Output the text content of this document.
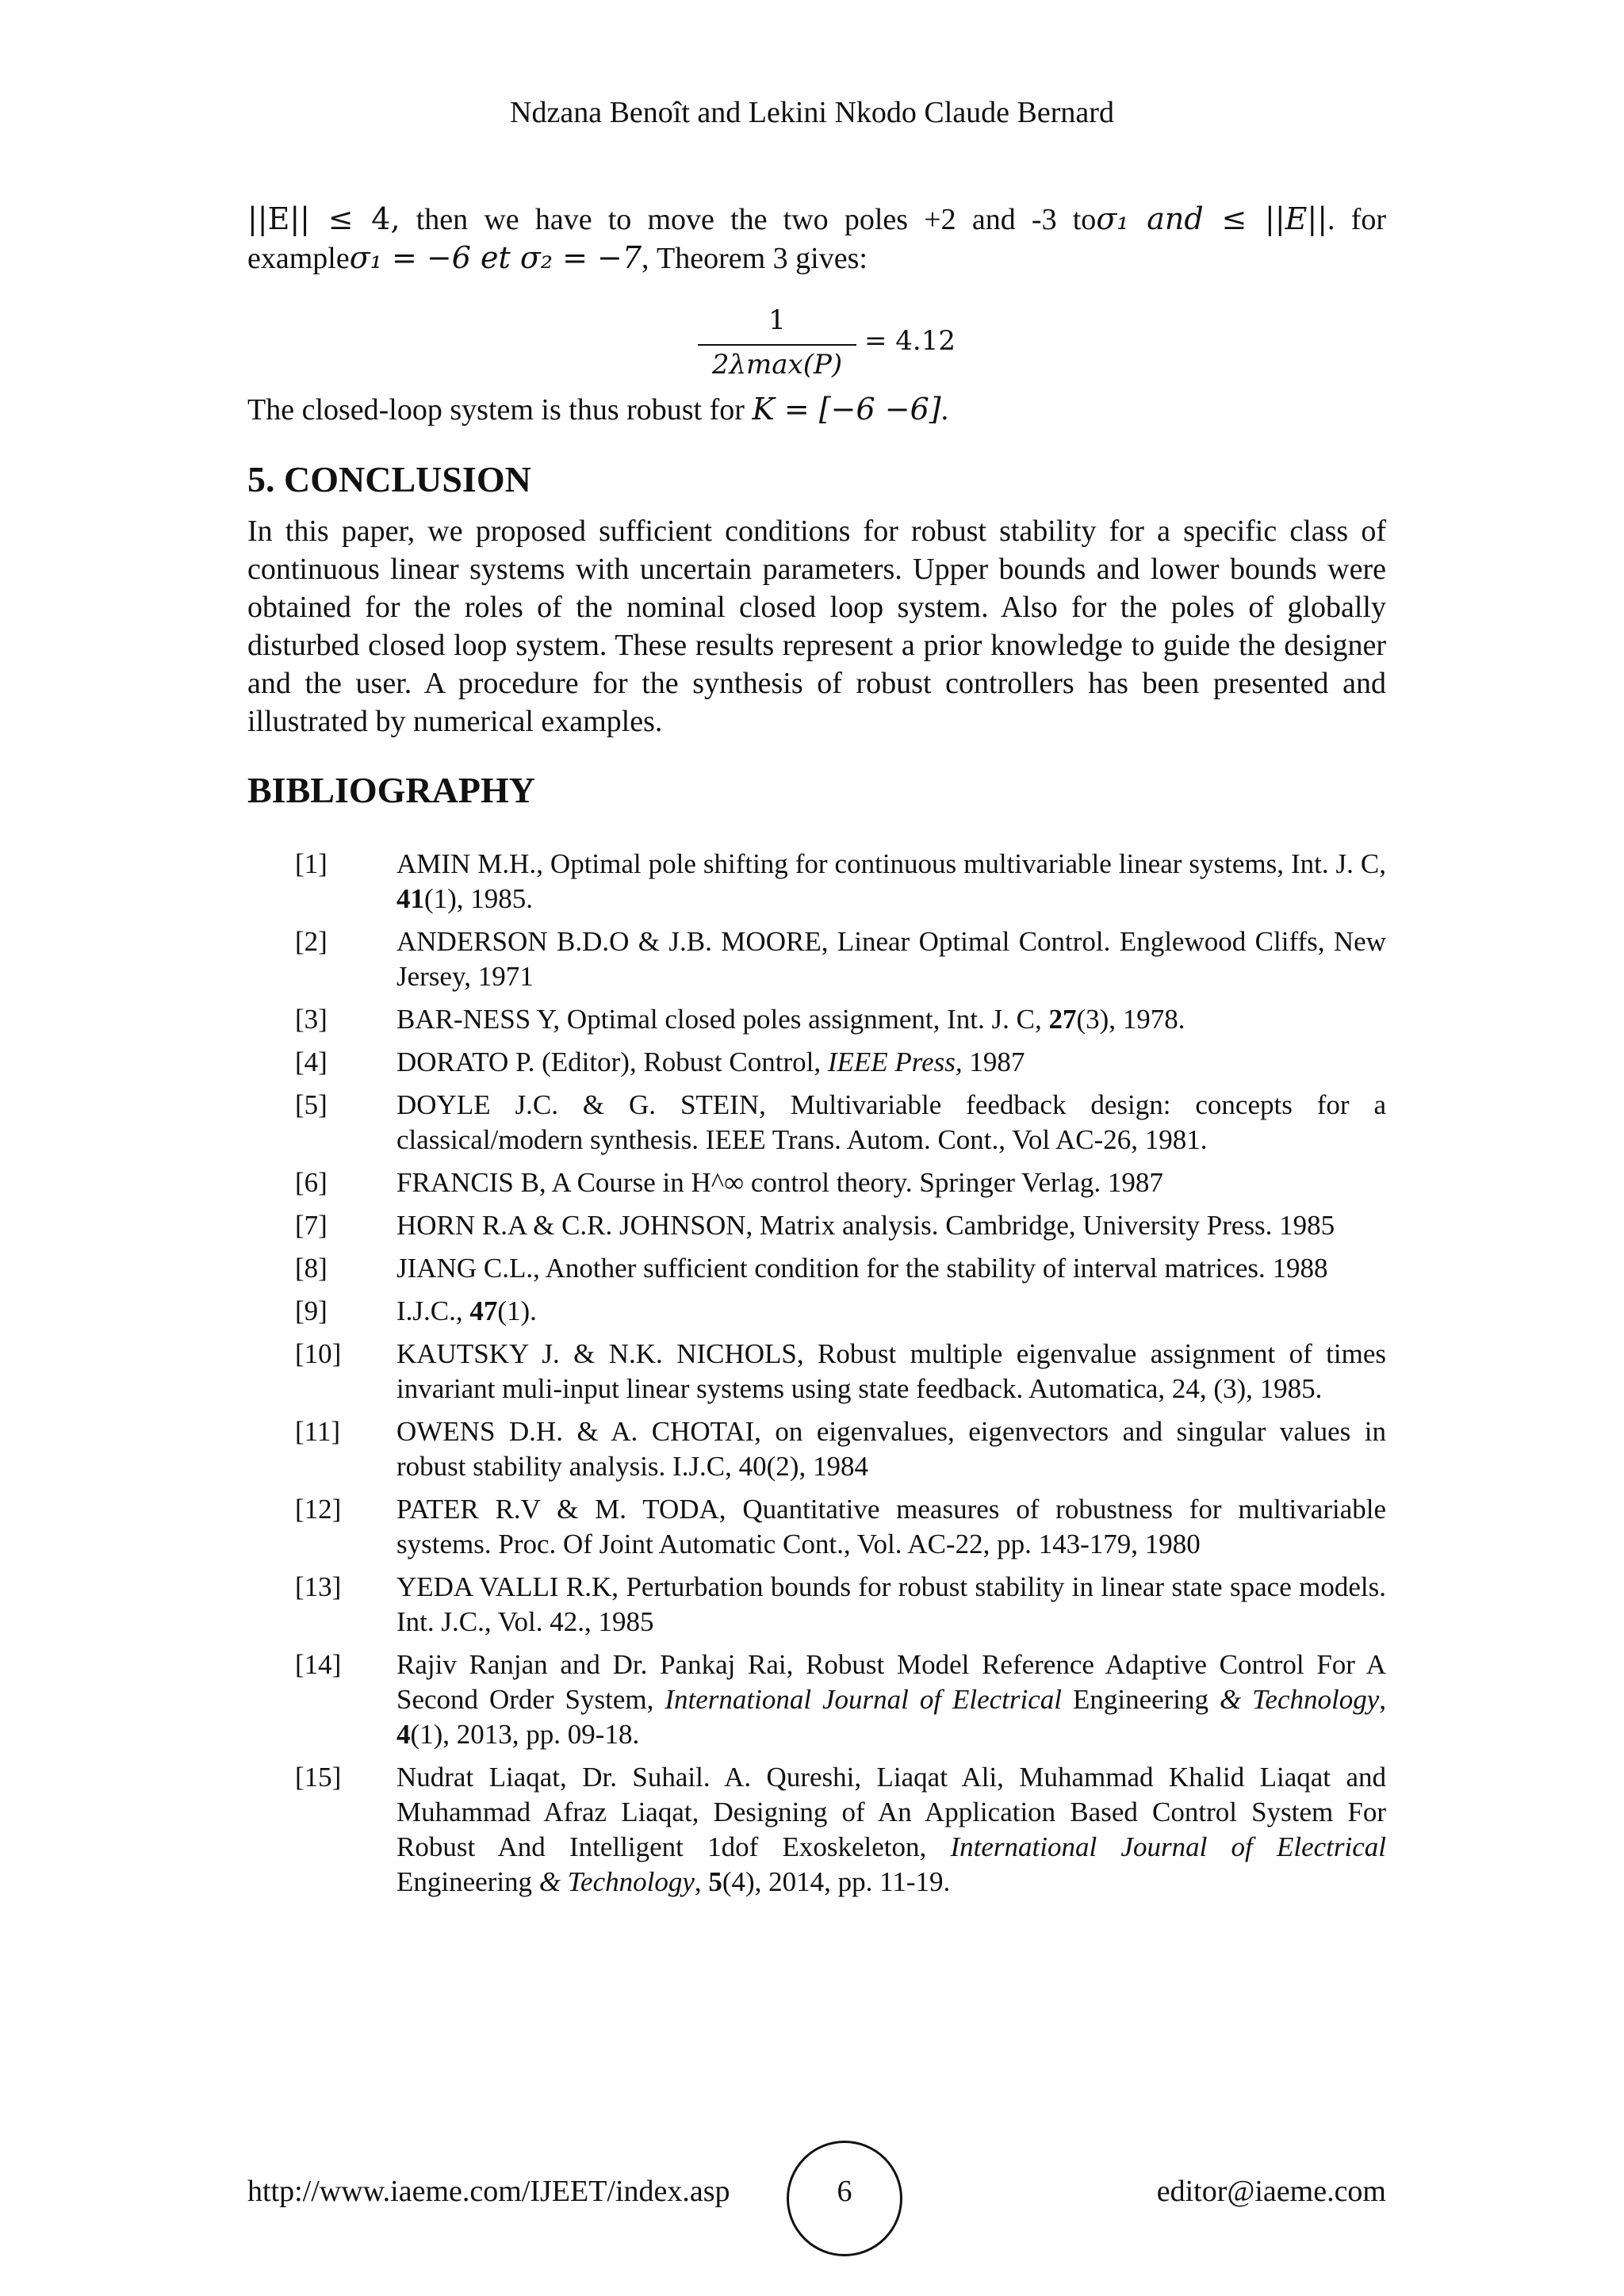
Ndzana Benoît and Lekini Nkodo Claude Bernard
||E|| ≤ 4, then we have to move the two poles +2 and -3 toσ₁ and ≤ ||E||. for
exampleσ₁ = −6 et σ₂ = −7, Theorem 3 gives:
1
2λmax(P)
= 4.12
The closed-loop system is thus robust for K = [−6 −6].
5. CONCLUSION
In this paper, we proposed sufficient conditions for robust stability for a specific class of continuous linear systems with uncertain parameters. Upper bounds and lower bounds were obtained for the roles of the nominal closed loop system. Also for the poles of globally disturbed closed loop system. These results represent a prior knowledge to guide the designer and the user. A procedure for the synthesis of robust controllers has been presented and illustrated by numerical examples.
BIBLIOGRAPHY
[1]	AMIN M.H., Optimal pole shifting for continuous multivariable linear systems, Int. J. C, 41(1), 1985.
[2]	ANDERSON B.D.O & J.B. MOORE, Linear Optimal Control. Englewood Cliffs, New Jersey, 1971
[3]	BAR-NESS Y, Optimal closed poles assignment, Int. J. C, 27(3), 1978.
[4]	DORATO P. (Editor), Robust Control, IEEE Press, 1987
[5]	DOYLE J.C. & G. STEIN, Multivariable feedback design: concepts for a classical/modern synthesis. IEEE Trans. Autom. Cont., Vol AC-26, 1981.
[6]	FRANCIS B, A Course in H^∞ control theory. Springer Verlag. 1987
[7]	HORN R.A & C.R. JOHNSON, Matrix analysis. Cambridge, University Press. 1985
[8]	JIANG C.L., Another sufficient condition for the stability of interval matrices. 1988
[9]	I.J.C., 47(1).
[10]	KAUTSKY J. & N.K. NICHOLS, Robust multiple eigenvalue assignment of times invariant muli-input linear systems using state feedback. Automatica, 24, (3), 1985.
[11]	OWENS D.H. & A. CHOTAI, on eigenvalues, eigenvectors and singular values in robust stability analysis. I.J.C, 40(2), 1984
[12]	PATER R.V & M. TODA, Quantitative measures of robustness for multivariable systems. Proc. Of Joint Automatic Cont., Vol. AC-22, pp. 143-179, 1980
[13]	YEDA VALLI R.K, Perturbation bounds for robust stability in linear state space models. Int. J.C., Vol. 42., 1985
[14]	Rajiv Ranjan and Dr. Pankaj Rai, Robust Model Reference Adaptive Control For A Second Order System, International Journal of Electrical Engineering & Technology, 4(1), 2013, pp. 09-18.
[15]	Nudrat Liaqat, Dr. Suhail. A. Qureshi, Liaqat Ali, Muhammad Khalid Liaqat and Muhammad Afraz Liaqat, Designing of An Application Based Control System For Robust And Intelligent 1dof Exoskeleton, International Journal of Electrical Engineering & Technology, 5(4), 2014, pp. 11-19.
http://www.iaeme.com/IJEET/index.asp	6	editor@iaeme.com
